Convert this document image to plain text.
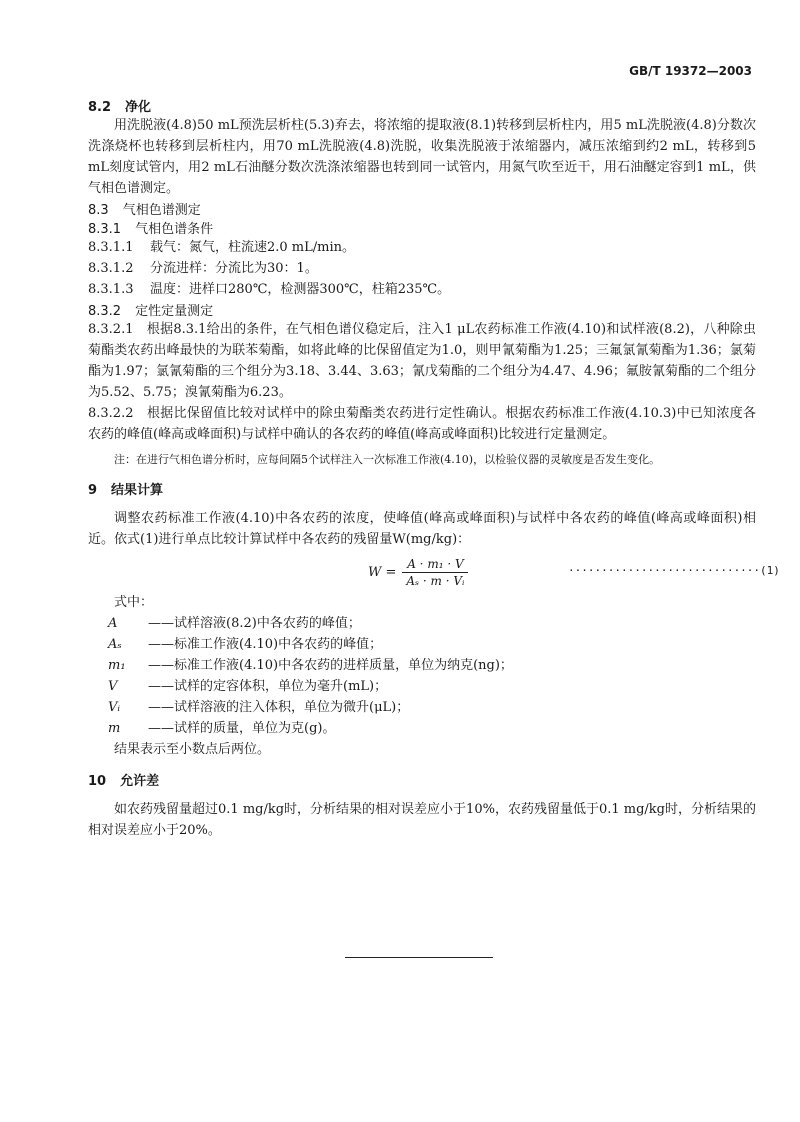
GB/T 19372—2003

8.2 净化

用洗脱液(4.8)50 mL预洗层析柱(5.3)弃去，将浓缩的提取液(8.1)转移到层析柱内，用5 mL洗脱液(4.8)分数次洗涤烧杯也转移到层析柱内，用70 mL洗脱液(4.8)洗脱，收集洗脱液于浓缩器内，减压浓缩到约2 mL，转移到5 mL刻度试管内，用2 mL石油醚分数次洗涤浓缩器也转到同一试管内，用氮气吹至近干，用石油醚定容到1 mL，供气相色谱测定。

8.3 气相色谱测定

8.3.1 气相色谱条件

8.3.1.1 载气：氮气，柱流速2.0 mL/min。

8.3.1.2 分流进样：分流比为30：1。

8.3.1.3 温度：进样口280℃，检测器300℃，柱箱235℃。

8.3.2 定性定量测定

8.3.2.1　根据8.3.1给出的条件，在气相色谱仪稳定后，注入1 μL农药标准工作液(4.10)和试样液(8.2)，八种除虫菊酯类农药出峰最快的为联苯菊酯，如将此峰的比保留值定为1.0，则甲氰菊酯为1.25；三氟氯氰菊酯为1.36；氯菊酯为1.97；氯氰菊酯的三个组分为3.18、3.44、3.63；氰戊菊酯的二个组分为4.47、4.96；氟胺氰菊酯的二个组分为5.52、5.75；溴氰菊酯为6.23。

8.3.2.2　根据比保留值比较对试样中的除虫菊酯类农药进行定性确认。根据农药标准工作液(4.10.3)中已知浓度各农药的峰值(峰高或峰面积)与试样中确认的各农药的峰值(峰高或峰面积)比较进行定量测定。

注：在进行气相色谱分析时，应每间隔5个试样注入一次标准工作液(4.10)，以检验仪器的灵敏度是否发生变化。

9 结果计算

调整农药标准工作液(4.10)中各农药的浓度，使峰值(峰高或峰面积)与试样中各农药的峰值(峰高或峰面积)相近。依式(1)进行单点比较计算试样中各农药的残留量W(mg/kg)：

$W = \frac{\text{A · m₁ · V}}{\text{Aₛ · m · Vᵢ}}$	·····························(1)

式中：

A	——试样溶液(8.2)中各农药的峰值；

Aₛ	——标准工作液(4.10)中各农药的峰值；

m₁	——标准工作液(4.10)中各农药的进样质量，单位为纳克(ng)；

V	——试样的定容体积，单位为毫升(mL)；

Vᵢ	——试样溶液的注入体积，单位为微升(μL)；

m	——试样的质量，单位为克(g)。

结果表示至小数点后两位。

10 允许差

如农药残留量超过0.1 mg/kg时，分析结果的相对误差应小于10%，农药残留量低于0.1 mg/kg时，分析结果的相对误差应小于20%。
